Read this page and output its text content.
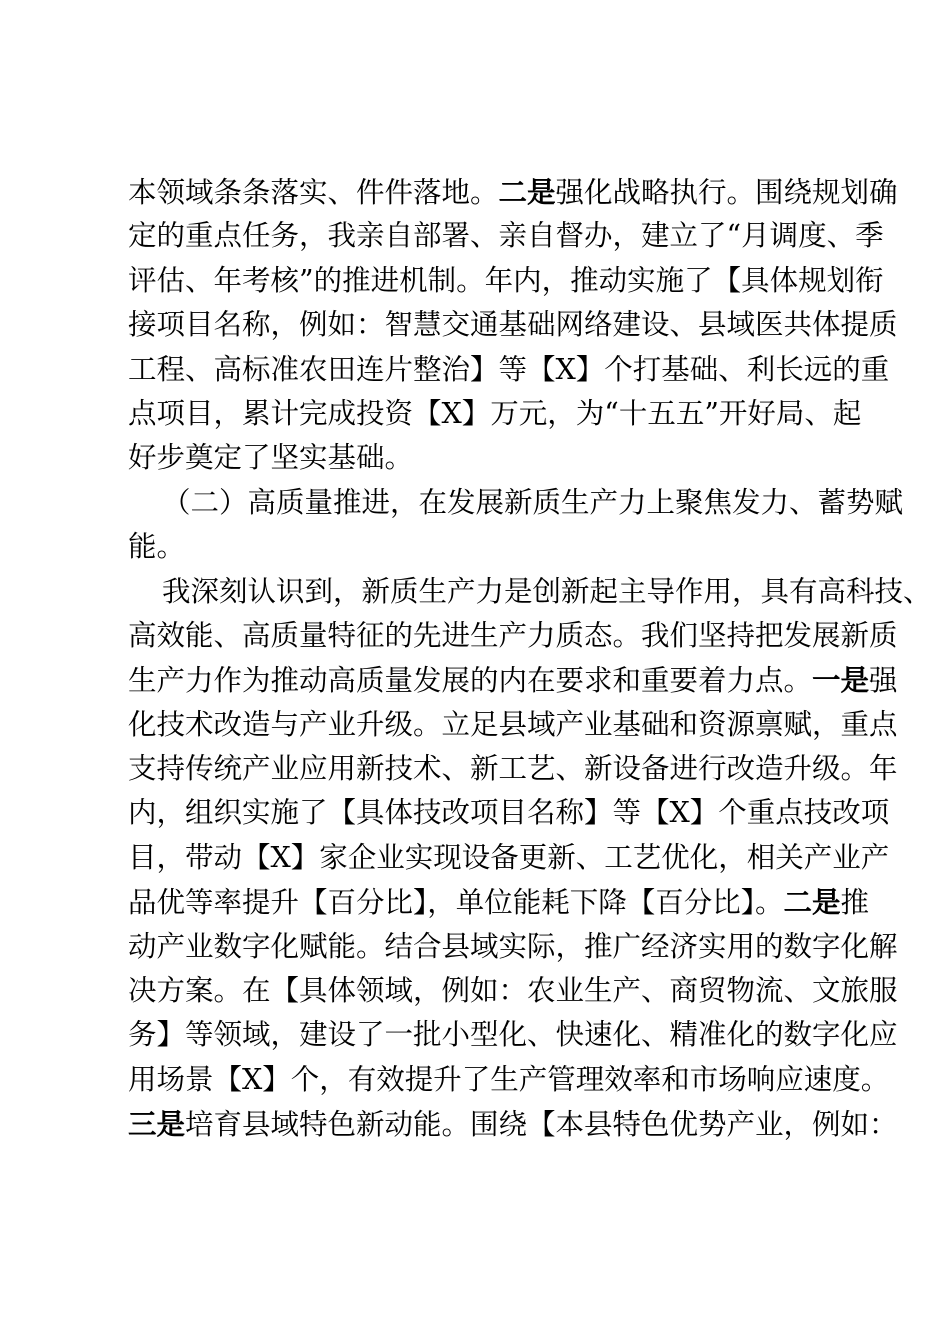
本领域条条落实、件件落地。二是强化战略执行。围绕规划确
定的重点任务，我亲自部署、亲自督办，建立了“月调度、季
评估、年考核”的推进机制。年内，推动实施了【具体规划衔
接项目名称，例如：智慧交通基础网络建设、县域医共体提质
工程、高标准农田连片整治】等【X】个打基础、利长远的重
点项目，累计完成投资【X】万元，为“十五五”开好局、起
好步奠定了坚实基础。
（二）高质量推进，在发展新质生产力上聚焦发力、蓄势赋
能。
我深刻认识到，新质生产力是创新起主导作用，具有高科技、
高效能、高质量特征的先进生产力质态。我们坚持把发展新质
生产力作为推动高质量发展的内在要求和重要着力点。一是强
化技术改造与产业升级。立足县域产业基础和资源禀赋，重点
支持传统产业应用新技术、新工艺、新设备进行改造升级。年
内，组织实施了【具体技改项目名称】等【X】个重点技改项
目，带动【X】家企业实现设备更新、工艺优化，相关产业产
品优等率提升【百分比】，单位能耗下降【百分比】。二是推
动产业数字化赋能。结合县域实际，推广经济实用的数字化解
决方案。在【具体领域，例如：农业生产、商贸物流、文旅服
务】等领域，建设了一批小型化、快速化、精准化的数字化应
用场景【X】个，有效提升了生产管理效率和市场响应速度。
三是培育县域特色新动能。围绕【本县特色优势产业，例如：
